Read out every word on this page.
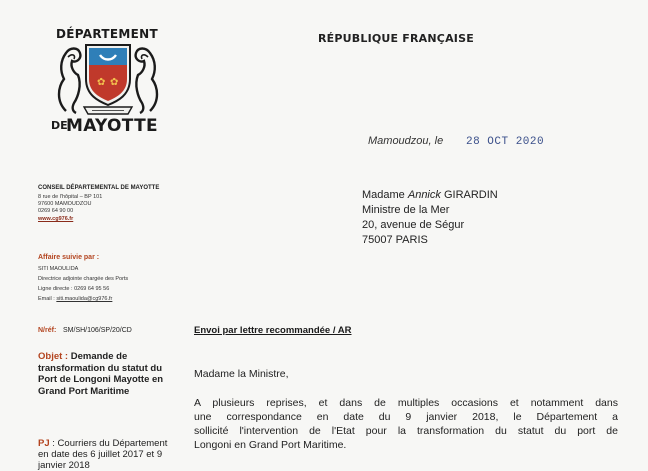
DÉPARTEMENT
✿ ✿
DE
MAYOTTE
RÉPUBLIQUE FRANÇAISE
Mamoudzou, le 28 OCT 2020
CONSEIL DÉPARTEMENTAL DE MAYOTTE
8 rue de l'hôpital – BP 101
97600 MAMOUDZOU
0269 64 90 00
www.cg976.fr
Affaire suivie par :
SITI MAOULIDA
Directrice adjointe chargée des Ports
Ligne directe : 0269 64 95 56
Email : siti.maoulida@cg976.fr
N/réf: SM/SH/106/SP/20/CD
Objet : Demande de transformation du statut du Port de Longoni Mayotte en Grand Port Maritime
PJ : Courriers du Département en date des 6 juillet 2017 et 9 janvier 2018
Madame Annick GIRARDIN
Ministre de la Mer
20, avenue de Ségur
75007 PARIS
Envoi par lettre recommandée / AR
Madame la Ministre,
A plusieurs reprises, et dans de multiples occasions et notamment dans
une correspondance en date du 9 janvier 2018, le Département a
sollicité l'intervention de l'Etat pour la transformation du statut du port de
Longoni en Grand Port Maritime.
